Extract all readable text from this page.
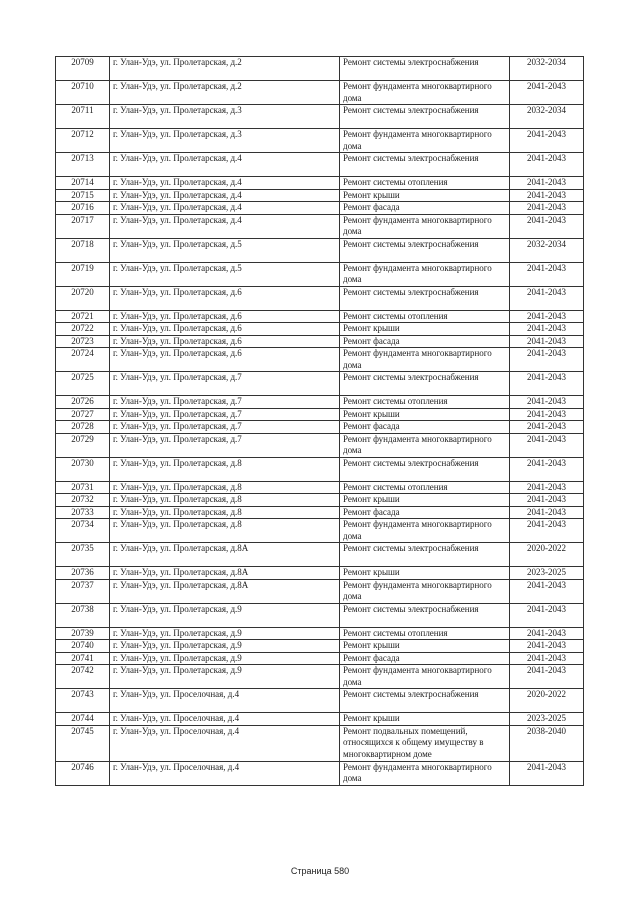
20709	г. Улан-Удэ, ул. Пролетарская, д.2	Ремонт системы электроснабжения	2032-2034
20710	г. Улан-Удэ, ул. Пролетарская, д.2	Ремонт фундамента многоквартирного дома	2041-2043
20711	г. Улан-Удэ, ул. Пролетарская, д.3	Ремонт системы электроснабжения	2032-2034
20712	г. Улан-Удэ, ул. Пролетарская, д.3	Ремонт фундамента многоквартирного дома	2041-2043
20713	г. Улан-Удэ, ул. Пролетарская, д.4	Ремонт системы электроснабжения	2041-2043
20714	г. Улан-Удэ, ул. Пролетарская, д.4	Ремонт системы отопления	2041-2043
20715	г. Улан-Удэ, ул. Пролетарская, д.4	Ремонт крыши	2041-2043
20716	г. Улан-Удэ, ул. Пролетарская, д.4	Ремонт фасада	2041-2043
20717	г. Улан-Удэ, ул. Пролетарская, д.4	Ремонт фундамента многоквартирного дома	2041-2043
20718	г. Улан-Удэ, ул. Пролетарская, д.5	Ремонт системы электроснабжения	2032-2034
20719	г. Улан-Удэ, ул. Пролетарская, д.5	Ремонт фундамента многоквартирного дома	2041-2043
20720	г. Улан-Удэ, ул. Пролетарская, д.6	Ремонт системы электроснабжения	2041-2043
20721	г. Улан-Удэ, ул. Пролетарская, д.6	Ремонт системы отопления	2041-2043
20722	г. Улан-Удэ, ул. Пролетарская, д.6	Ремонт крыши	2041-2043
20723	г. Улан-Удэ, ул. Пролетарская, д.6	Ремонт фасада	2041-2043
20724	г. Улан-Удэ, ул. Пролетарская, д.6	Ремонт фундамента многоквартирного дома	2041-2043
20725	г. Улан-Удэ, ул. Пролетарская, д.7	Ремонт системы электроснабжения	2041-2043
20726	г. Улан-Удэ, ул. Пролетарская, д.7	Ремонт системы отопления	2041-2043
20727	г. Улан-Удэ, ул. Пролетарская, д.7	Ремонт крыши	2041-2043
20728	г. Улан-Удэ, ул. Пролетарская, д.7	Ремонт фасада	2041-2043
20729	г. Улан-Удэ, ул. Пролетарская, д.7	Ремонт фундамента многоквартирного дома	2041-2043
20730	г. Улан-Удэ, ул. Пролетарская, д.8	Ремонт системы электроснабжения	2041-2043
20731	г. Улан-Удэ, ул. Пролетарская, д.8	Ремонт системы отопления	2041-2043
20732	г. Улан-Удэ, ул. Пролетарская, д.8	Ремонт крыши	2041-2043
20733	г. Улан-Удэ, ул. Пролетарская, д.8	Ремонт фасада	2041-2043
20734	г. Улан-Удэ, ул. Пролетарская, д.8	Ремонт фундамента многоквартирного дома	2041-2043
20735	г. Улан-Удэ, ул. Пролетарская, д.8А	Ремонт системы электроснабжения	2020-2022
20736	г. Улан-Удэ, ул. Пролетарская, д.8А	Ремонт крыши	2023-2025
20737	г. Улан-Удэ, ул. Пролетарская, д.8А	Ремонт фундамента многоквартирного дома	2041-2043
20738	г. Улан-Удэ, ул. Пролетарская, д.9	Ремонт системы электроснабжения	2041-2043
20739	г. Улан-Удэ, ул. Пролетарская, д.9	Ремонт системы отопления	2041-2043
20740	г. Улан-Удэ, ул. Пролетарская, д.9	Ремонт крыши	2041-2043
20741	г. Улан-Удэ, ул. Пролетарская, д.9	Ремонт фасада	2041-2043
20742	г. Улан-Удэ, ул. Пролетарская, д.9	Ремонт фундамента многоквартирного дома	2041-2043
20743	г. Улан-Удэ, ул. Проселочная, д.4	Ремонт системы электроснабжения	2020-2022
20744	г. Улан-Удэ, ул. Проселочная, д.4	Ремонт крыши	2023-2025
20745	г. Улан-Удэ, ул. Проселочная, д.4	Ремонт подвальных помещений, относящихся к общему имуществу в многоквартирном доме	2038-2040
20746	г. Улан-Удэ, ул. Проселочная, д.4	Ремонт фундамента многоквартирного дома	2041-2043
Страница 580
